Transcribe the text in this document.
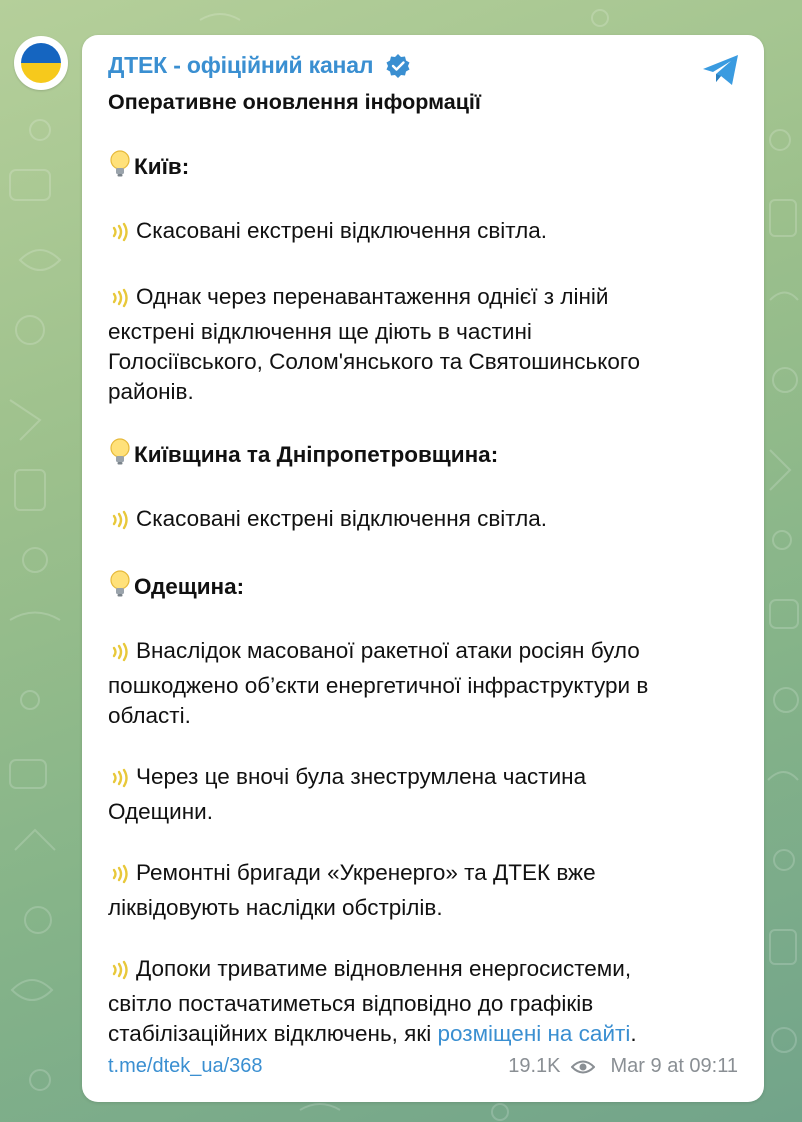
ДТЕК - офіційний канал
Оперативне оновлення інформації
Київ:
Скасовані екстрені відключення світла.
Однак через перенавантаження однієї з ліній
екстрені відключення ще діють в частині
Голосіївського, Солом'янського та Святошинського
районів.
Київщина та Дніпропетровщина:
Скасовані екстрені відключення світла.
Одещина:
Внаслідок масованої ракетної атаки росіян було
пошкоджено об’єкти енергетичної інфраструктури в
області.
Через це вночі була знеструмлена частина
Одещини.
Ремонтні бригади «Укренерго» та ДТЕК вже
ліквідовують наслідки обстрілів.
Допоки триватиме відновлення енергосистеми,
світло постачатиметься відповідно до графіків
стабілізаційних відключень, які розміщені на сайті.
t.me/dtek_ua/368	19.1K	Mar 9 at 09:11
